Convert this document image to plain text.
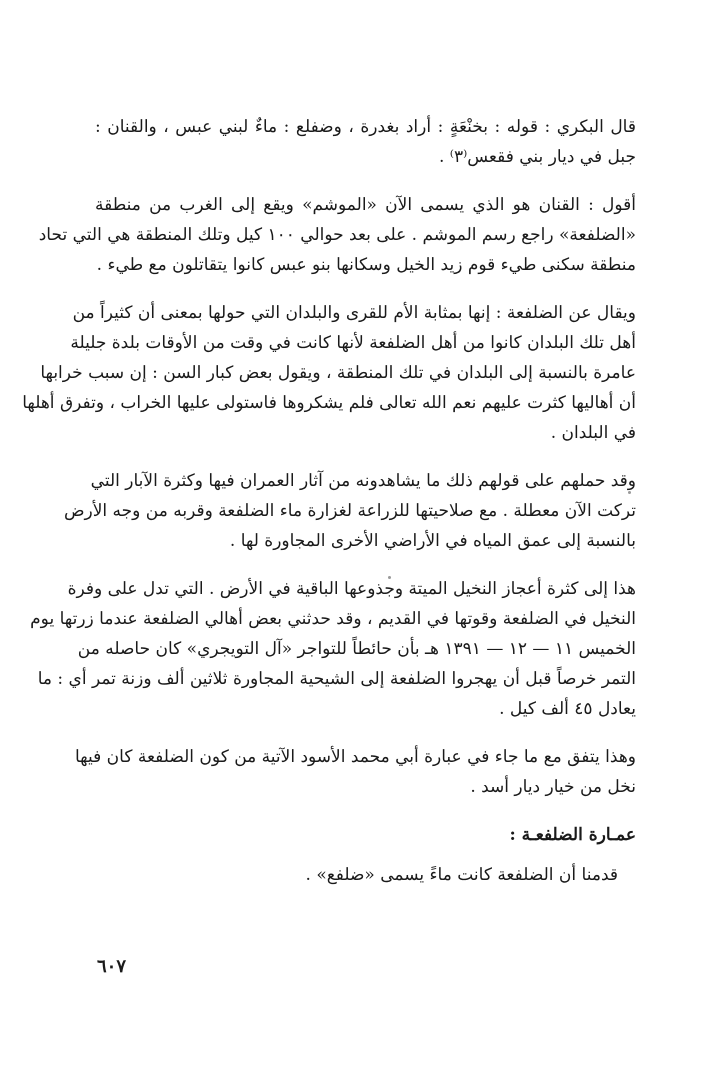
قال البكري : قوله : بخنْعَةٍ : أراد بغدرة ، وضفلع : ماءٌ لبني عبس ، والقنان :
جبل في ديار بني فقعس⁽٣⁾ .
أقول : القنان هو الذي يسمى الآن «الموشم» ويقع إلى الغرب من منطقة
«الضلفعة» راجع رسم الموشم . على بعد حوالي ١٠٠ كيل وتلك المنطقة هي التي تحاد
منطقة سكنى طيء قوم زيد الخيل وسكانها بنو عبس كانوا يتقاتلون مع طيء .
ويقال عن الضلفعة : إنها بمثابة الأم للقرى والبلدان التي حولها بمعنى أن كثيراً من
أهل تلك البلدان كانوا من أهل الضلفعة لأنها كانت في وقت من الأوقات بلدة جليلة
عامرة بالنسبة إلى البلدان في تلك المنطقة ، ويقول بعض كبار السن : إن سبب خرابها
أن أهاليها كثرت عليهم نعم الله تعالى فلم يشكروها فاستولى عليها الخراب ، وتفرق أهلها
في البلدان .
وقد حملهم على قولهم ذلك ما يشاهدونه من آثار العمران فيها وكثرة الآبار التي
تركت الآن معطلة . مع صلاحيتها للزراعة لغزارة ماء الضلفعة وقربه من وجه الأرض
بالنسبة إلى عمق المياه في الأراضي الأخرى المجاورة لها .
هذا إلى كثرة أعجاز النخيل الميتة وجذوعها الباقية في الأرض . التي تدل على وفرة
النخيل في الضلفعة وقوتها في القديم ، وقد حدثني بعض أهالي الضلفعة عندما زرتها يوم
الخميس ١١ — ١٢ — ١٣٩١ هـ بأن حائطاً للتواجر «آل التويجري» كان حاصله من
التمر خرصاً قبل أن يهجروا الضلفعة إلى الشيحية المجاورة ثلاثين ألف وزنة تمر أي : ما
يعادل ٤٥ ألف كيل .
وهذا يتفق مع ما جاء في عبارة أبي محمد الأسود الآتية من كون الضلفعة كان فيها
نخل من خيار ديار أسد .
عمـارة الضلفعـة :
قدمنا أن الضلفعة كانت ماءً يسمى «ضلفع» .
٦٠٧
